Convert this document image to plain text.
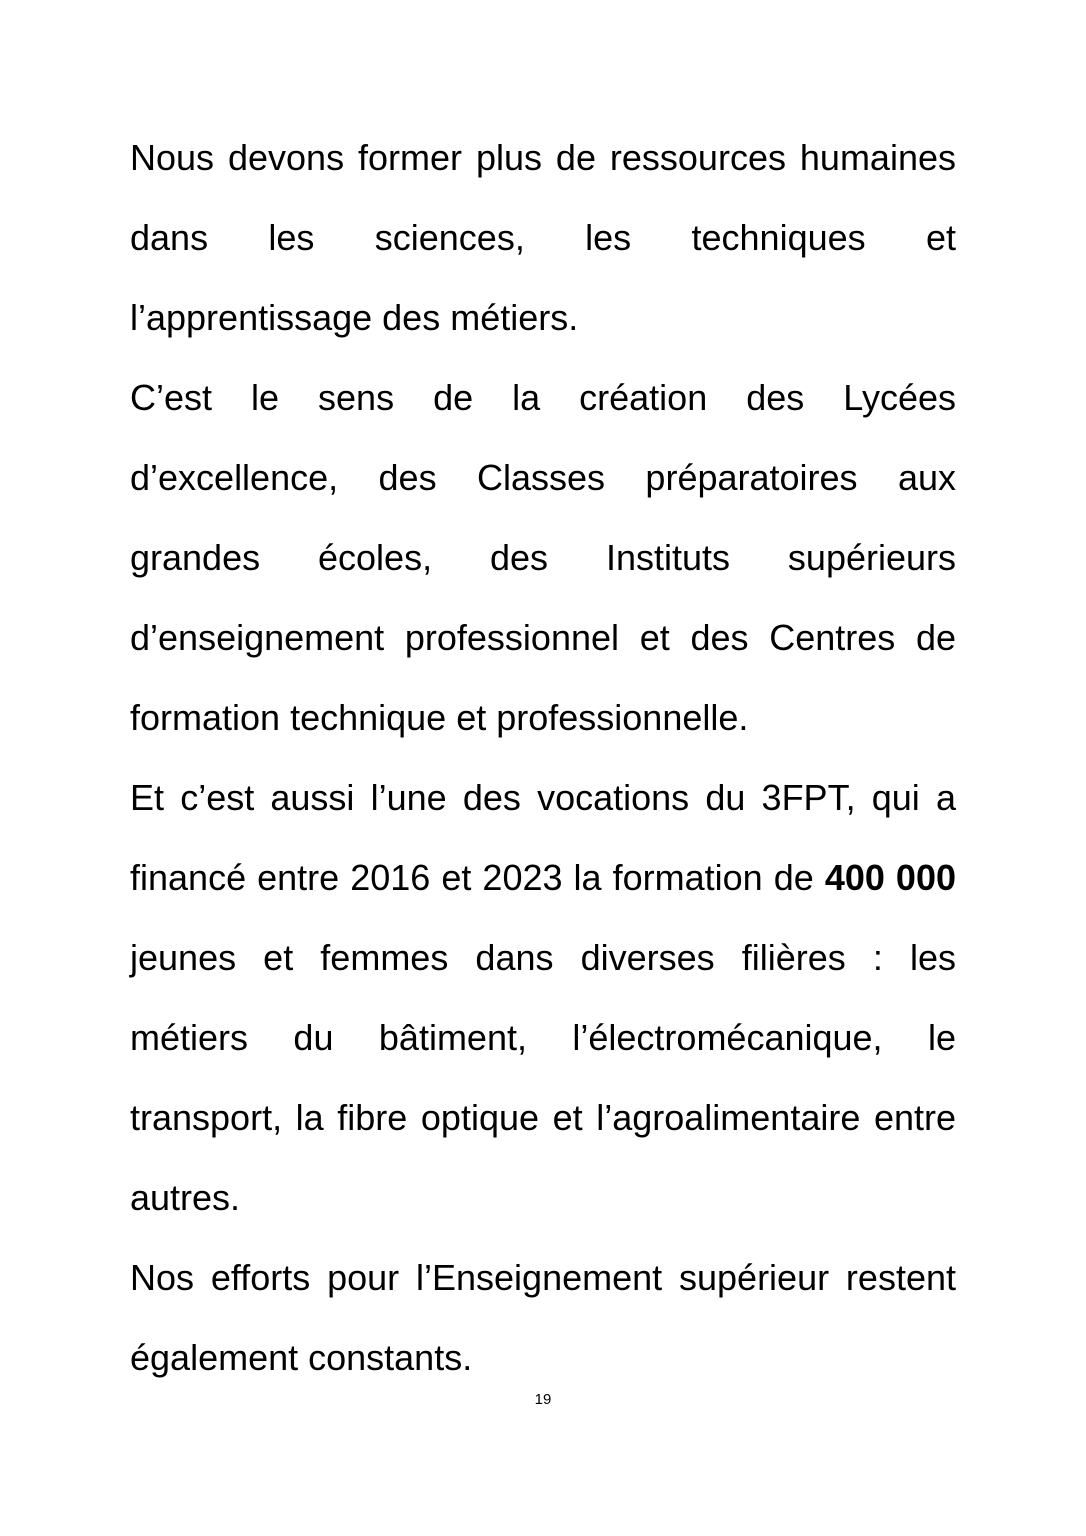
Nous devons former plus de ressources humaines dans les sciences, les techniques et l’apprentissage des métiers.

C’est le sens de la création des Lycées d’excellence, des Classes préparatoires aux grandes écoles, des Instituts supérieurs d’enseignement professionnel et des Centres de formation technique et professionnelle.

Et c’est aussi l’une des vocations du 3FPT, qui a financé entre 2016 et 2023 la formation de 400 000 jeunes et femmes dans diverses filières : les métiers du bâtiment, l’électromécanique, le transport, la fibre optique et l’agroalimentaire entre autres.

Nos efforts pour l’Enseignement supérieur restent également constants.

19
